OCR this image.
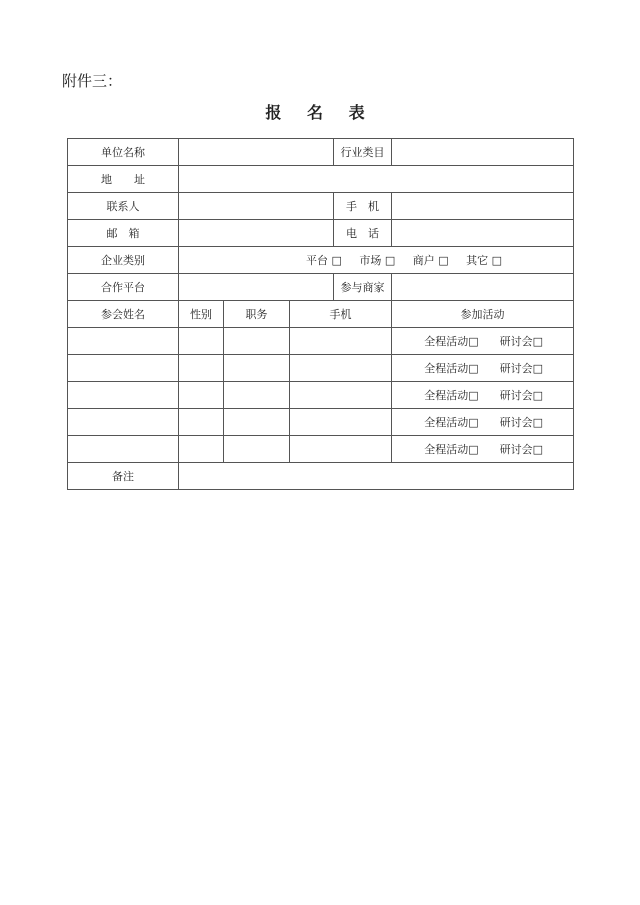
附件三：
报 名 表
单位名称				行业类目	
地　　址					
联系人				手　机	
邮　箱				电　话	
企业类别	平台 □ 市场 □ 商户 □ 其它 □				
合作平台				参与商家	
参会姓名	性别	职务	手机		参加活动
					全程活动□ 研讨会□
					全程活动□ 研讨会□
					全程活动□ 研讨会□
					全程活动□ 研讨会□
					全程活动□ 研讨会□
备注					
